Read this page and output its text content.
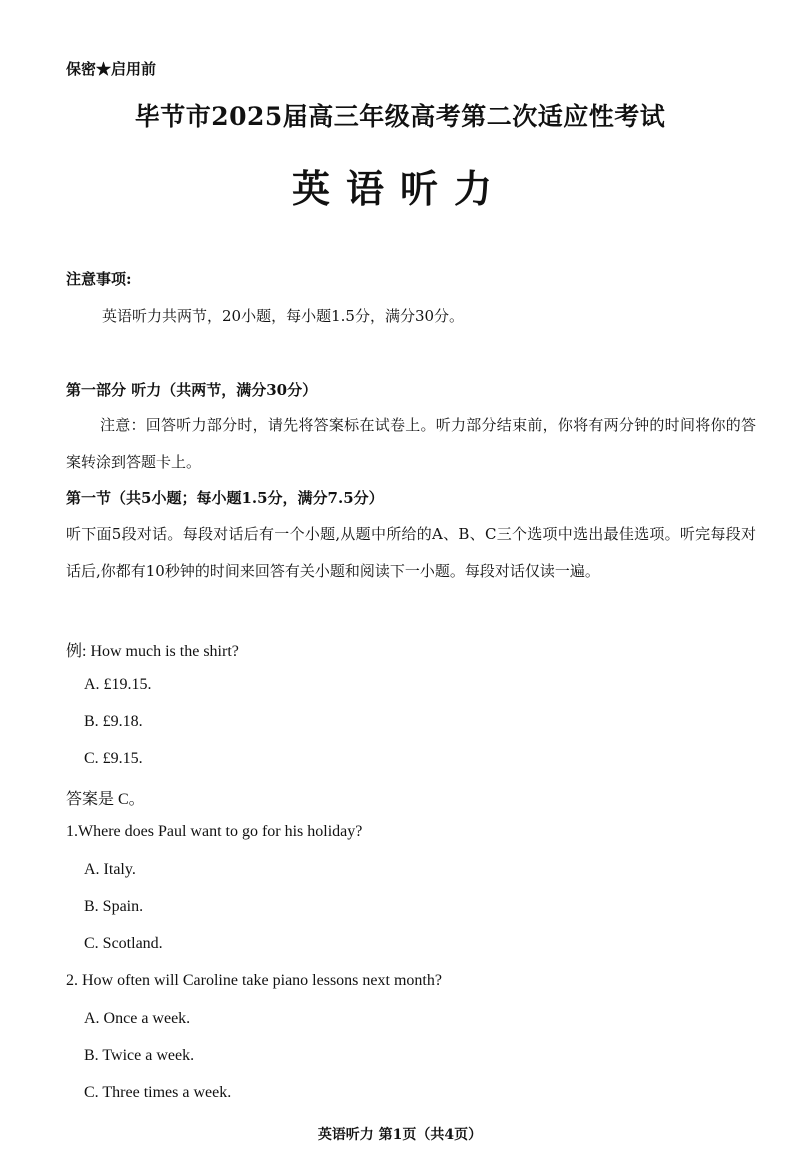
保密★启用前
毕节市2025届高三年级高考第二次适应性考试
英语听力
注意事项:
英语听力共两节，20小题，每小题1.5分，满分30分。
第一部分 听力（共两节，满分30分）
注意：回答听力部分时，请先将答案标在试卷上。听力部分结束前，你将有两分钟的时间将你的答案转涂到答题卡上。
第一节（共5小题；每小题1.5分，满分7.5分）
听下面5段对话。每段对话后有一个小题,从题中所给的A、B、C三个选项中选出最佳选项。听完每段对话后,你都有10秒钟的时间来回答有关小题和阅读下一小题。每段对话仅读一遍。
例: How much is the shirt?
A. £19.15.
B. £9.18.
C. £9.15.
答案是 C。
1.Where does Paul want to go for his holiday?
A. Italy.
B. Spain.
C. Scotland.
2. How often will Caroline take piano lessons next month?
A. Once a week.
B. Twice a week.
C. Three times a week.
英语听力 第1页（共4页）
